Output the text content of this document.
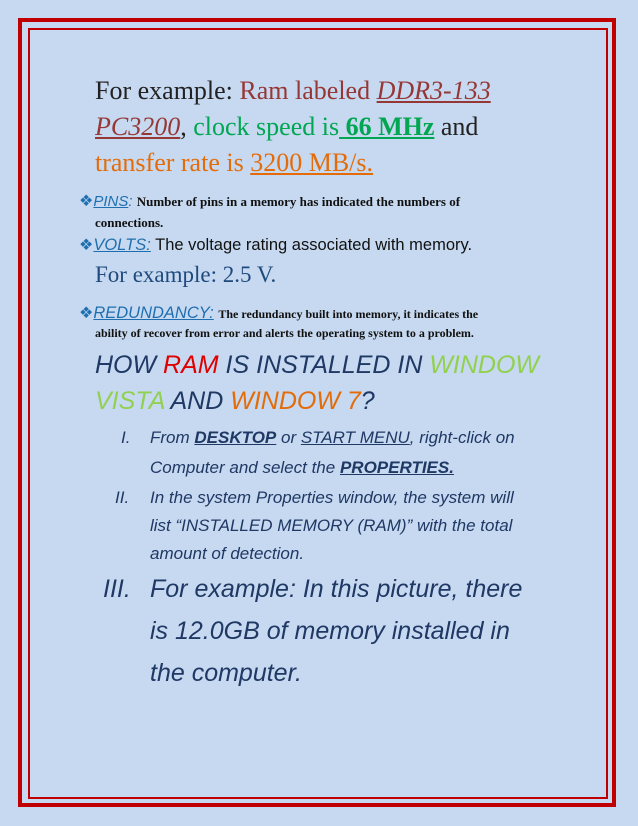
For example: Ram labeled DDR3-133
PC3200, clock speed is 66 MHz and
transfer rate is 3200 MB/s.
❖PINS: Number of pins in a memory has indicated the numbers of
connections.
❖VOLTS: The voltage rating associated with memory.
For example: 2.5 V.
❖REDUNDANCY: The redundancy built into memory, it indicates the
ability of recover from error and alerts the operating system to a problem.
HOW RAM IS INSTALLED IN WINDOW
VISTA AND WINDOW 7?
I. From DESKTOP or START MENU, right-click on
Computer and select the PROPERTIES.
II. In the system Properties window, the system will
list “INSTALLED MEMORY (RAM)” with the total
amount of detection.
III. For example: In this picture, there
is 12.0GB of memory installed in
the computer.
